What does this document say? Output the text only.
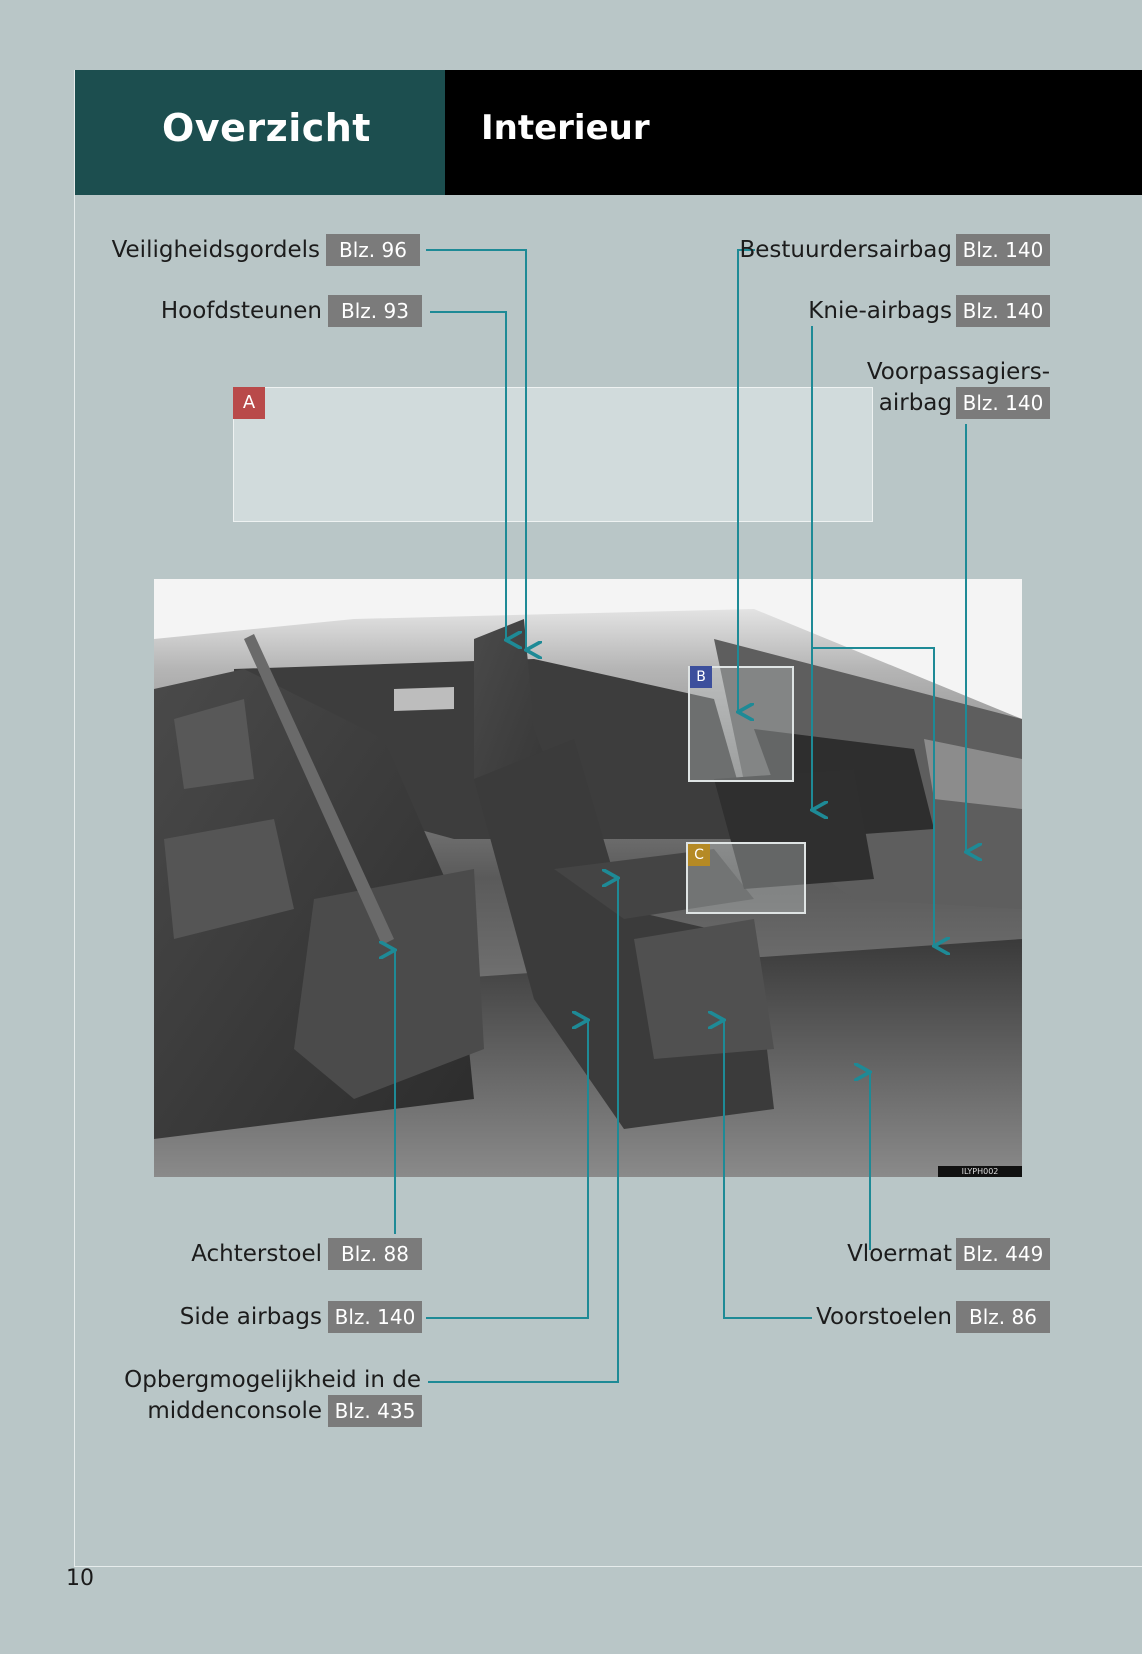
Overzicht	Interieur
A
B
C
ILYPH002
Veiligheidsgordels Blz. 96
Hoofdsteunen Blz. 93
Bestuurdersairbag Blz. 140
Knie-airbags Blz. 140
Voorpassagiers-
airbag Blz. 140
Achterstoel Blz. 88
Side airbags Blz. 140
Opbergmogelijkheid in de
middenconsole Blz. 435
Vloermat Blz. 449
Voorstoelen Blz. 86
10
